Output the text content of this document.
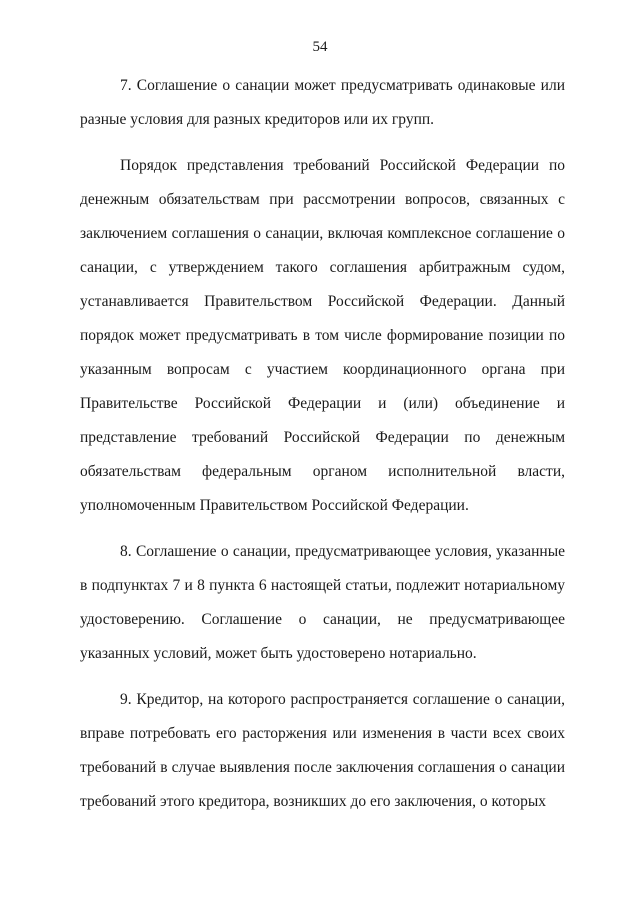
54

7. Соглашение о санации может предусматривать одинаковые или разные условия для разных кредиторов или их групп.

Порядок представления требований Российской Федерации по денежным обязательствам при рассмотрении вопросов, связанных с заключением соглашения о санации, включая комплексное соглашение о санации, с утверждением такого соглашения арбитражным судом, устанавливается Правительством Российской Федерации. Данный порядок может предусматривать в том числе формирование позиции по указанным вопросам с участием координационного органа при Правительстве Российской Федерации и (или) объединение и представление требований Российской Федерации по денежным обязательствам федеральным органом исполнительной власти, уполномоченным Правительством Российской Федерации.

8. Соглашение о санации, предусматривающее условия, указанные в подпунктах 7 и 8 пункта 6 настоящей статьи, подлежит нотариальному удостоверению. Соглашение о санации, не предусматривающее указанных условий, может быть удостоверено нотариально.

9. Кредитор, на которого распространяется соглашение о санации, вправе потребовать его расторжения или изменения в части всех своих требований в случае выявления после заключения соглашения о санации требований этого кредитора, возникших до его заключения, о которых
